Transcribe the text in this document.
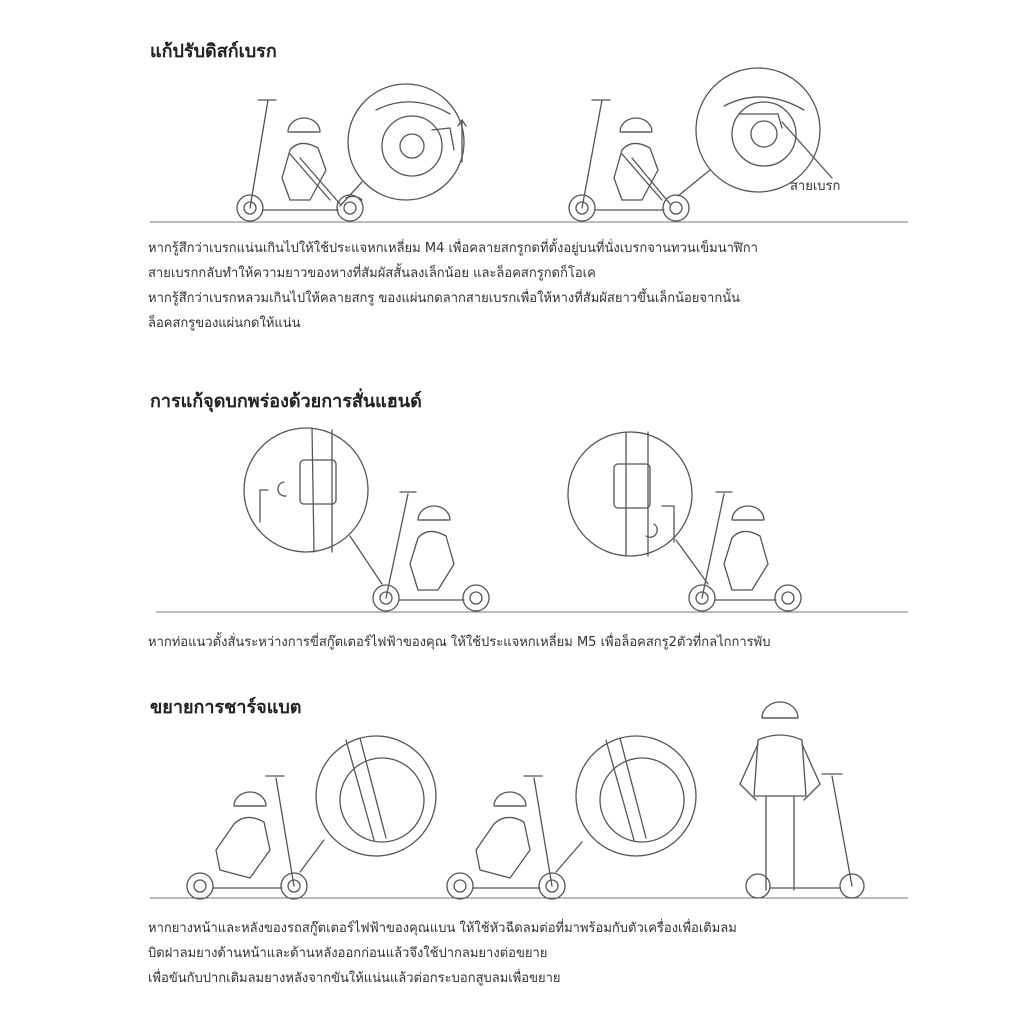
แก้ปรับดิสก์เบรก
สายเบรก
หากรู้สึกว่าเบรกแน่นเกินไปให้ใช้ประแจหกเหลี่ยม M4 เพื่อคลายสกรูกดที่ตั้งอยู่บนที่นั่งเบรกจานทวนเข็มนาฬิกา
สายเบรกกลับทำให้ความยาวของหางที่สัมผัสสั้นลงเล็กน้อย และล็อคสกรูกดก็โอเค
หากรู้สึกว่าเบรกหลวมเกินไปให้คลายสกรู ของแผ่นกดลากสายเบรกเพื่อให้หางที่สัมผัสยาวขึ้นเล็กน้อยจากนั้น
ล็อคสกรูของแผ่นกดให้แน่น
การแก้จุดบกพร่องด้วยการสั่นแฮนด์
หากท่อแนวตั้งสั่นระหว่างการขี่สกู๊ตเตอร์ไฟฟ้าของคุณ ให้ใช้ประแจหกเหลี่ยม M5 เพื่อล็อคสกรู2ตัวที่กลไกการพับ
ขยายการชาร์จแบต
หากยางหน้าและหลังของรถสกู๊ตเตอร์ไฟฟ้าของคุณแบน ให้ใช้หัวฉีดลมต่อที่มาพร้อมกับตัวเครื่องเพื่อเติมลม
บิดฝาลมยางด้านหน้าและด้านหลังออกก่อนแล้วจึงใช้ปากลมยางต่อขยาย
เพื่อขันกับปากเติมลมยางหลังจากขันให้แน่นแล้วต่อกระบอกสูบลมเพื่อขยาย
